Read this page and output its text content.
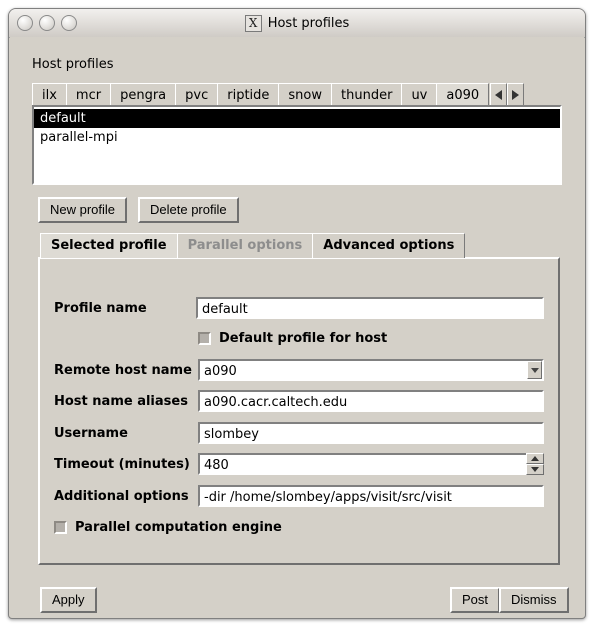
X Host profiles
Host profiles
ilx	mcr	pengra	pvc	riptide	snow	thunder	uv	a090
default
parallel-mpi
New profile	Delete profile
Selected profile	Parallel options	Advanced options
Profile name	default
Default profile for host
Remote host name a090
Host name aliases	a090.cacr.caltech.edu
Username	slombey
Timeout (minutes)	480
Additional options	-dir /home/slombey/apps/visit/src/visit
Parallel computation engine
Apply	Post	Dismiss
